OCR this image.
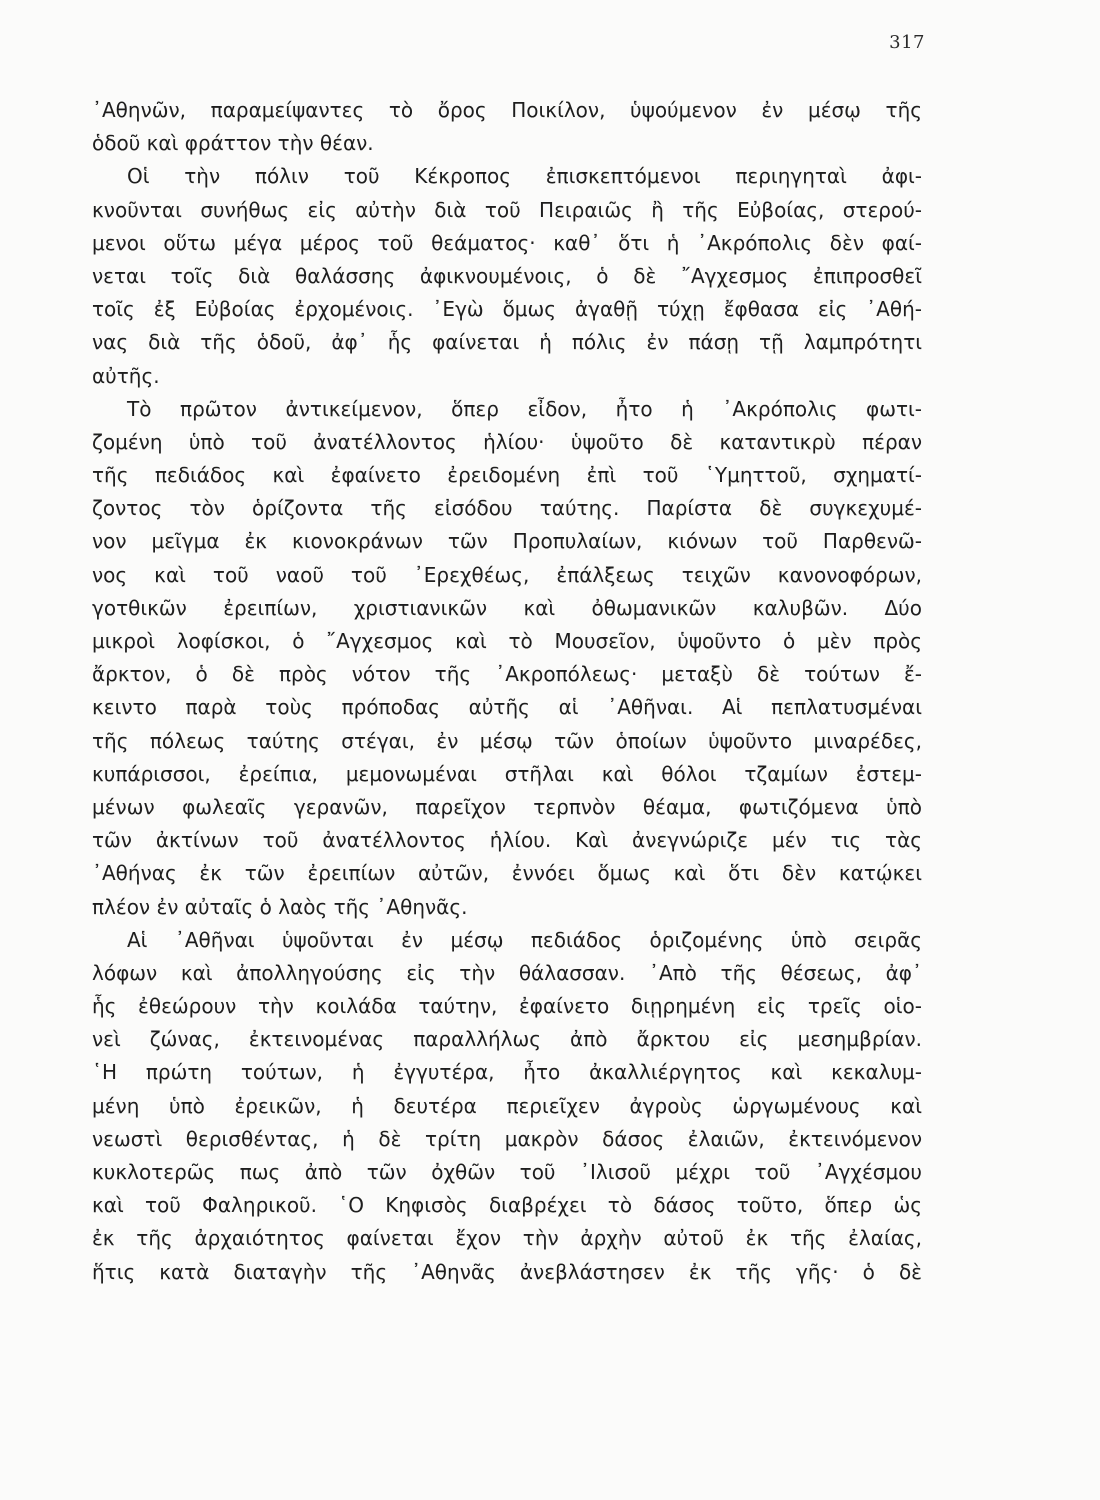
317
᾿Αθηνῶν, παραμείψαντες τὸ ὄρος Ποικίλον, ὑψούμενον ἐν μέσῳ τῆς
ὁδοῦ καὶ φράττον τὴν θέαν.
Οἱ τὴν πόλιν τοῦ Κέκροπος ἐπισκεπτόμενοι περιηγηταὶ ἀφι-
κνοῦνται συνήθως εἰς αὐτὴν διὰ τοῦ Πειραιῶς ἢ τῆς Εὐβοίας, στερού-
μενοι οὕτω μέγα μέρος τοῦ θεάματος· καθ᾿ ὅτι ἡ ᾿Ακρόπολις δὲν φαί-
νεται τοῖς διὰ θαλάσσης ἀφικνουμένοις, ὁ δὲ ῎Αγχεσμος ἐπιπροσθεῖ
τοῖς ἐξ Εὐβοίας ἐρχομένοις. ᾿Εγὼ ὅμως ἀγαθῇ τύχῃ ἔφθασα εἰς ᾿Αθή-
νας διὰ τῆς ὁδοῦ, ἀφ᾿ ἧς φαίνεται ἡ πόλις ἐν πάσῃ τῇ λαμπρότητι
αὐτῆς.
Τὸ πρῶτον ἀντικείμενον, ὅπερ εἶδον, ἦτο ἡ ᾿Ακρόπολις φωτι-
ζομένη ὑπὸ τοῦ ἀνατέλλοντος ἡλίου· ὑψοῦτο δὲ καταντικρὺ πέραν
τῆς πεδιάδος καὶ ἐφαίνετο ἐρειδομένη ἐπὶ τοῦ ῾Υμηττοῦ, σχηματί-
ζοντος τὸν ὁρίζοντα τῆς εἰσόδου ταύτης. Παρίστα δὲ συγκεχυμέ-
νον μεῖγμα ἐκ κιονοκράνων τῶν Προπυλαίων, κιόνων τοῦ Παρθενῶ-
νος καὶ τοῦ ναοῦ τοῦ ᾿Ερεχθέως, ἐπάλξεως τειχῶν κανονοφόρων,
γοτθικῶν ἐρειπίων, χριστιανικῶν καὶ ὀθωμανικῶν καλυβῶν. Δύο
μικροὶ λοφίσκοι, ὁ ῎Αγχεσμος καὶ τὸ Μουσεῖον, ὑψοῦντο ὁ μὲν πρὸς
ἄρκτον, ὁ δὲ πρὸς νότον τῆς ᾿Ακροπόλεως· μεταξὺ δὲ τούτων ἔ-
κειντο παρὰ τοὺς πρόποδας αὐτῆς αἱ ᾿Αθῆναι. Αἱ πεπλατυσμέναι
τῆς πόλεως ταύτης στέγαι, ἐν μέσῳ τῶν ὁποίων ὑψοῦντο μιναρέδες,
κυπάρισσοι, ἐρείπια, μεμονωμέναι στῆλαι καὶ θόλοι τζαμίων ἐστεμ-
μένων φωλεαῖς γερανῶν, παρεῖχον τερπνὸν θέαμα, φωτιζόμενα ὑπὸ
τῶν ἀκτίνων τοῦ ἀνατέλλοντος ἡλίου. Καὶ ἀνεγνώριζε μέν τις τὰς
᾿Αθήνας ἐκ τῶν ἐρειπίων αὐτῶν, ἐννόει ὅμως καὶ ὅτι δὲν κατῴκει
πλέον ἐν αὐταῖς ὁ λαὸς τῆς ᾿Αθηνᾶς.
Αἱ ᾿Αθῆναι ὑψοῦνται ἐν μέσῳ πεδιάδος ὁριζομένης ὑπὸ σειρᾶς
λόφων καὶ ἀπολληγούσης εἰς τὴν θάλασσαν. ᾿Απὸ τῆς θέσεως, ἀφ᾿
ἧς ἐθεώρουν τὴν κοιλάδα ταύτην, ἐφαίνετο διῃρημένη εἰς τρεῖς οἱο-
νεὶ ζώνας, ἐκτεινομένας παραλλήλως ἀπὸ ἄρκτου εἰς μεσημβρίαν.
῾Η πρώτη τούτων, ἡ ἐγγυτέρα, ἦτο ἀκαλλιέργητος καὶ κεκαλυμ-
μένη ὑπὸ ἐρεικῶν, ἡ δευτέρα περιεῖχεν ἀγροὺς ὡργωμένους καὶ
νεωστὶ θερισθέντας, ἡ δὲ τρίτη μακρὸν δάσος ἐλαιῶν, ἐκτεινόμενον
κυκλοτερῶς πως ἀπὸ τῶν ὀχθῶν τοῦ ᾿Ιλισοῦ μέχρι τοῦ ᾿Αγχέσμου
καὶ τοῦ Φαληρικοῦ. ῾Ο Κηφισὸς διαβρέχει τὸ δάσος τοῦτο, ὅπερ ὡς
ἐκ τῆς ἀρχαιότητος φαίνεται ἔχον τὴν ἀρχὴν αὐτοῦ ἐκ τῆς ἐλαίας,
ἥτις κατὰ διαταγὴν τῆς ᾿Αθηνᾶς ἀνεβλάστησεν ἐκ τῆς γῆς· ὁ δὲ
